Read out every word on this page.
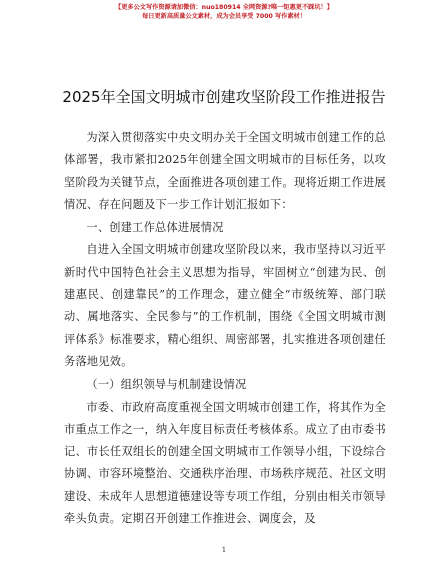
【更多公文写作资源请加微信：nuo180914 全网资源?唯一钜惠更不踩坑！】
每日更新高质量公文素材，成为会员享受 7000 写作素材！
2025年全国文明城市创建攻坚阶段工作推进报告

为深入贯彻落实中央文明办关于全国文明城市创建工作的总体部署，我市紧扣2025年创建全国文明城市的目标任务，以攻坚阶段为关键节点，全面推进各项创建工作。现将近期工作进展情况、存在问题及下一步工作计划汇报如下：

一、创建工作总体进展情况

自进入全国文明城市创建攻坚阶段以来，我市坚持以习近平新时代中国特色社会主义思想为指导，牢固树立“创建为民、创建惠民、创建靠民”的工作理念，建立健全“市级统筹、部门联动、属地落实、全民参与”的工作机制，围绕《全国文明城市测评体系》标准要求，精心组织、周密部署，扎实推进各项创建任务落地见效。

（一）组织领导与机制建设情况

市委、市政府高度重视全国文明城市创建工作，将其作为全市重点工作之一，纳入年度目标责任考核体系。成立了由市委书记、市长任双组长的创建全国文明城市工作领导小组，下设综合协调、市容环境整治、交通秩序治理、市场秩序规范、社区文明建设、未成年人思想道德建设等专项工作组，分别由相关市领导牵头负责。定期召开创建工作推进会、调度会，及

1
